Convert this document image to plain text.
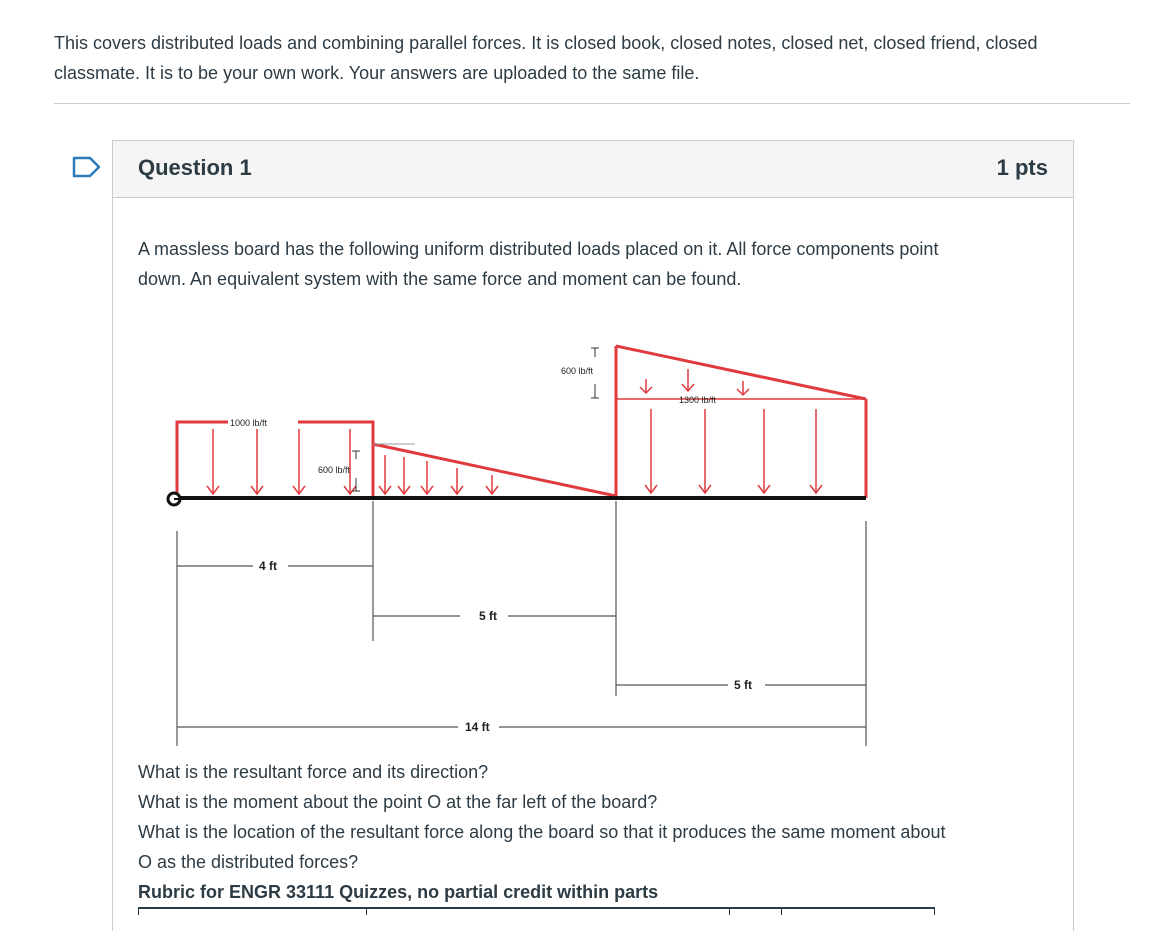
This covers distributed loads and combining parallel forces. It is closed book, closed notes, closed net, closed friend, closed
classmate. It is to be your own work. Your answers are uploaded to the same file.
Question 1	1 pts
A massless board has the following uniform distributed loads placed on it. All force components point
down. An equivalent system with the same force and moment can be found.
1000 lb/ft
600 lb/ft
600 lb/ft
1300 lb/ft
4 ft
5 ft
5 ft
14 ft
What is the resultant force and its direction?
What is the moment about the point O at the far left of the board?
What is the location of the resultant force along the board so that it produces the same moment about
O as the distributed forces?
Rubric for ENGR 33111 Quizzes, no partial credit within parts
